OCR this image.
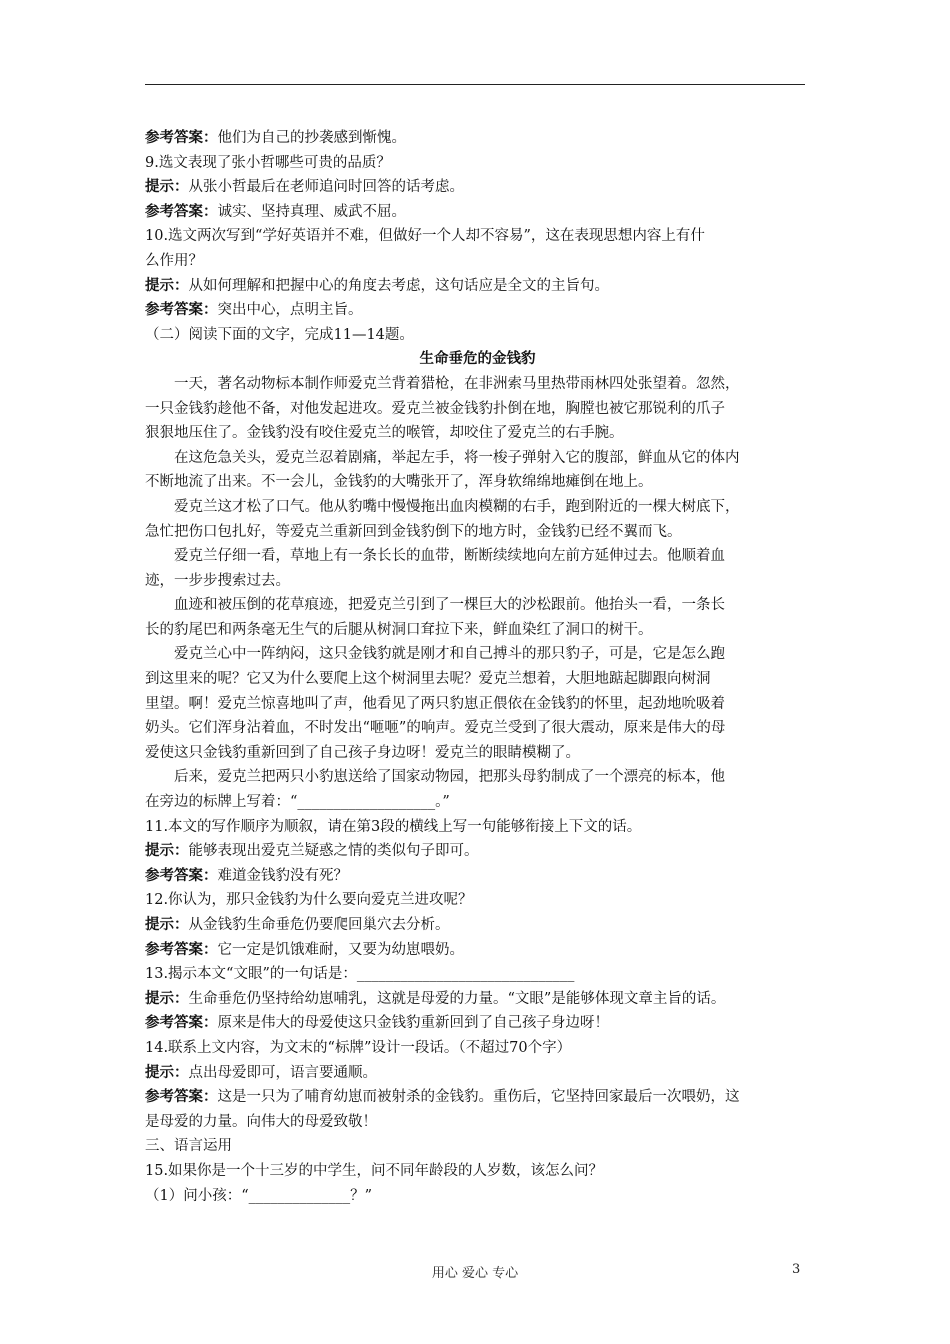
参考答案：他们为自己的抄袭感到惭愧。
9.选文表现了张小哲哪些可贵的品质？
提示：从张小哲最后在老师追问时回答的话考虑。
参考答案：诚实、坚持真理、威武不屈。
10.选文两次写到“学好英语并不难，但做好一个人却不容易”，这在表现思想内容上有什
么作用？
提示：从如何理解和把握中心的角度去考虑，这句话应是全文的主旨句。
参考答案：突出中心，点明主旨。
（二）阅读下面的文字，完成11—14题。
生命垂危的金钱豹
一天，著名动物标本制作师爱克兰背着猎枪，在非洲索马里热带雨林四处张望着。忽然，
一只金钱豹趁他不备，对他发起进攻。爱克兰被金钱豹扑倒在地，胸膛也被它那锐利的爪子
狠狠地压住了。金钱豹没有咬住爱克兰的喉管，却咬住了爱克兰的右手腕。
在这危急关头，爱克兰忍着剧痛，举起左手，将一梭子弹射入它的腹部，鲜血从它的体内
不断地流了出来。不一会儿，金钱豹的大嘴张开了，浑身软绵绵地瘫倒在地上。
爱克兰这才松了口气。他从豹嘴中慢慢拖出血肉模糊的右手，跑到附近的一棵大树底下，
急忙把伤口包扎好，等爱克兰重新回到金钱豹倒下的地方时，金钱豹已经不翼而飞。
爱克兰仔细一看，草地上有一条长长的血带，断断续续地向左前方延伸过去。他顺着血
迹，一步步搜索过去。
血迹和被压倒的花草痕迹，把爱克兰引到了一棵巨大的沙松跟前。他抬头一看，一条长
长的豹尾巴和两条毫无生气的后腿从树洞口耷拉下来，鲜血染红了洞口的树干。
爱克兰心中一阵纳闷，这只金钱豹就是刚才和自己搏斗的那只豹子，可是，它是怎么跑
到这里来的呢？它又为什么要爬上这个树洞里去呢？爱克兰想着，大胆地踮起脚跟向树洞
里望。啊！爱克兰惊喜地叫了声，他看见了两只豹崽正偎依在金钱豹的怀里，起劲地吮吸着
奶头。它们浑身沾着血，不时发出“咂咂”的响声。爱克兰受到了很大震动，原来是伟大的母
爱使这只金钱豹重新回到了自己孩子身边呀！爱克兰的眼睛模糊了。
后来，爱克兰把两只小豹崽送给了国家动物园，把那头母豹制成了一个漂亮的标本，他
在旁边的标牌上写着：“___________________。”
11.本文的写作顺序为顺叙，请在第3段的横线上写一句能够衔接上下文的话。
提示：能够表现出爱克兰疑惑之情的类似句子即可。
参考答案：难道金钱豹没有死？
12.你认为，那只金钱豹为什么要向爱克兰进攻呢？
提示：从金钱豹生命垂危仍要爬回巢穴去分析。
参考答案：它一定是饥饿难耐，又要为幼崽喂奶。
13.揭示本文“文眼”的一句话是：______________________________
提示：生命垂危仍坚持给幼崽哺乳，这就是母爱的力量。“文眼”是能够体现文章主旨的话。
参考答案：原来是伟大的母爱使这只金钱豹重新回到了自己孩子身边呀！
14.联系上文内容，为文末的“标牌”设计一段话。（不超过70个字）
提示：点出母爱即可，语言要通顺。
参考答案：这是一只为了哺育幼崽而被射杀的金钱豹。重伤后，它坚持回家最后一次喂奶，这
是母爱的力量。向伟大的母爱致敬！
三、语言运用
15.如果你是一个十三岁的中学生，问不同年龄段的人岁数，该怎么问？
（1）问小孩：“______________？”
用心 爱心 专心	3
